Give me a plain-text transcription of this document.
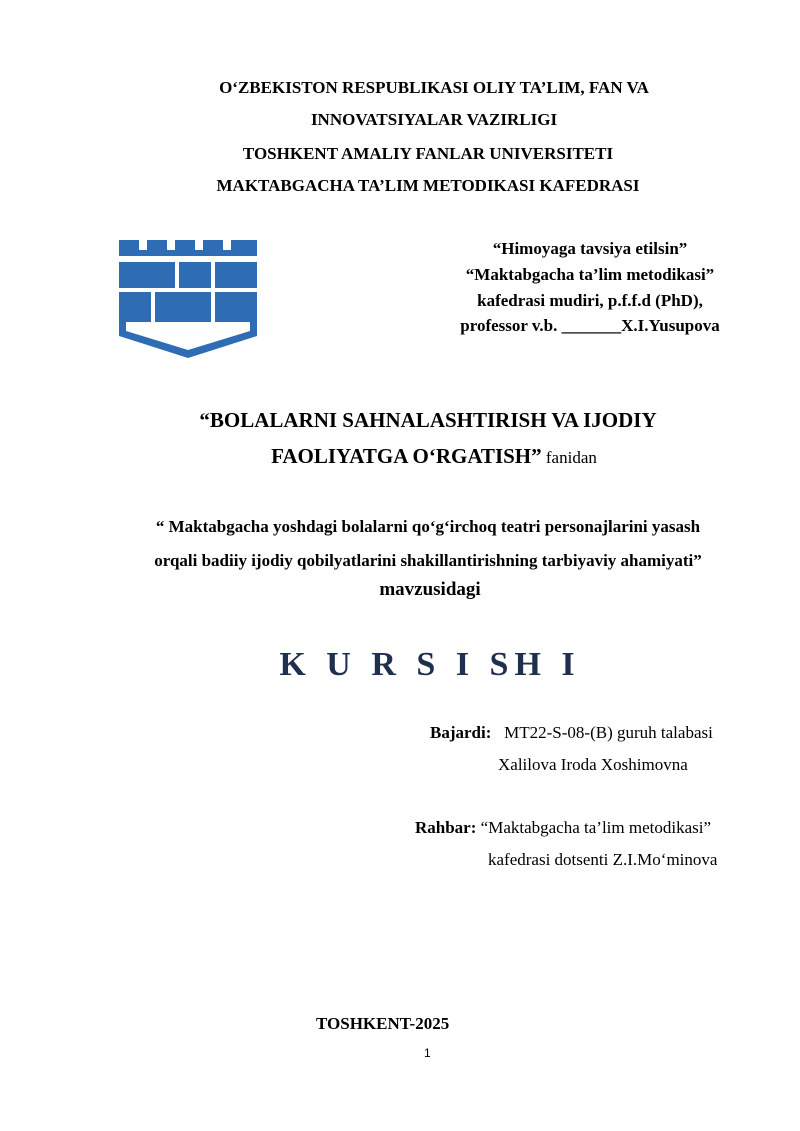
O‘ZBEKISTON RESPUBLIKASI OLIY TA’LIM, FAN VA
INNOVATSIYALAR VAZIRLIGI
TOSHKENT AMALIY FANLAR UNIVERSITETI
MAKTABGACHA TA’LIM METODIKASI KAFEDRASI
“Himoyaga tavsiya etilsin”
“Maktabgacha ta’lim metodikasi”
kafedrasi mudiri, p.f.f.d (PhD),
professor v.b. _______X.I.Yusupova
“BOLALARNI SAHNALASHTIRISH VA IJODIY
FAOLIYATGA O‘RGATISH” fanidan
“ Maktabgacha yoshdagi bolalarni qo‘g‘irchoq teatri personajlarini yasash
orqali badiiy ijodiy qobilyatlarini shakillantirishning tarbiyaviy ahamiyati”
mavzusidagi
K U R S I SH I
Bajardi: MT22-S-08-(B) guruh talabasi
Xalilova Iroda Xoshimovna
Rahbar: “Maktabgacha ta’lim metodikasi”
kafedrasi dotsenti Z.I.Mo‘minova
TOSHKENT-2025
1
